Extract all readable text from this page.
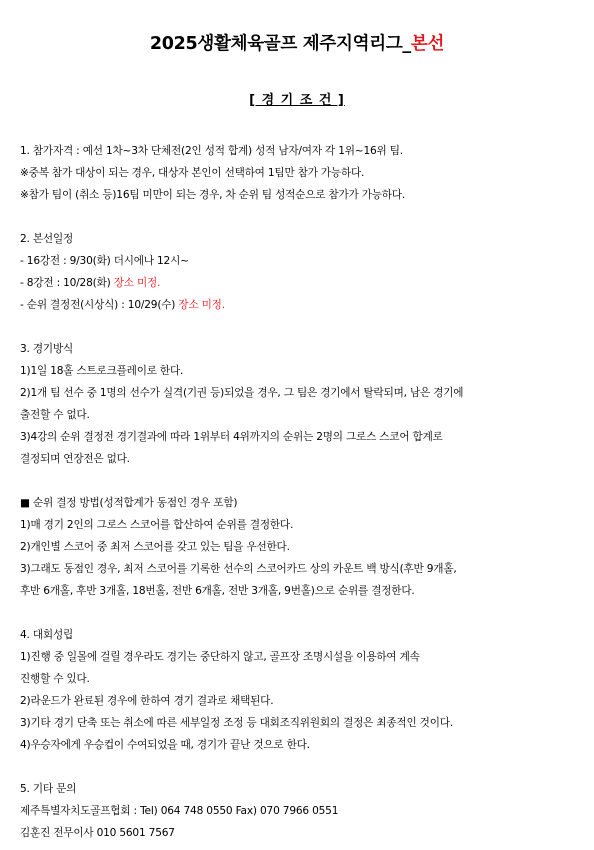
2025생활체육골프 제주지역리그_본선
[ 경 기 조 건 ]
1. 참가자격 : 예선 1차~3차 단체전(2인 성적 합계) 성적 남자/여자 각 1위~16위 팀.
※중복 참가 대상이 되는 경우, 대상자 본인이 선택하여 1팀만 참가 가능하다.
※참가 팀이 (취소 등)16팀 미만이 되는 경우, 차 순위 팀 성적순으로 참가가 가능하다.
2. 본선일정
- 16강전 : 9/30(화) 더시에나 12시~
- 8강전 : 10/28(화) 장소 미정.
- 순위 결정전(시상식) : 10/29(수) 장소 미정.
3. 경기방식
1)1일 18홀 스트로크플레이로 한다.
2)1개 팀 선수 중 1명의 선수가 실격(기권 등)되었을 경우, 그 팀은 경기에서 탈락되며, 남은 경기에
출전할 수 없다.
3)4강의 순위 결정전 경기결과에 따라 1위부터 4위까지의 순위는 2명의 그로스 스코어 합계로
결정되며 연장전은 없다.
■ 순위 결정 방법(성적합계가 동점인 경우 포함)
1)매 경기 2인의 그로스 스코어를 합산하여 순위를 결정한다.
2)개인별 스코어 중 최저 스코어를 갖고 있는 팀을 우선한다.
3)그래도 동점인 경우, 최저 스코어를 기록한 선수의 스코어카드 상의 카운트 백 방식(후반 9개홀,
후반 6개홀, 후반 3개홀, 18번홀, 전반 6개홀, 전반 3개홀, 9번홀)으로 순위를 결정한다.
4. 대회성립
1)진행 중 일몰에 걸릴 경우라도 경기는 중단하지 않고, 골프장 조명시설을 이용하여 계속
진행할 수 있다.
2)라운드가 완료된 경우에 한하여 경기 결과로 채택된다.
3)기타 경기 단축 또는 취소에 따른 세부일정 조정 등 대회조직위원회의 결정은 최종적인 것이다.
4)우승자에게 우승컵이 수여되었을 때, 경기가 끝난 것으로 한다.
5. 기타 문의
제주특별자치도골프협회 : Tel) 064 748 0550 Fax) 070 7966 0551
김훈진 전무이사 010 5601 7567
